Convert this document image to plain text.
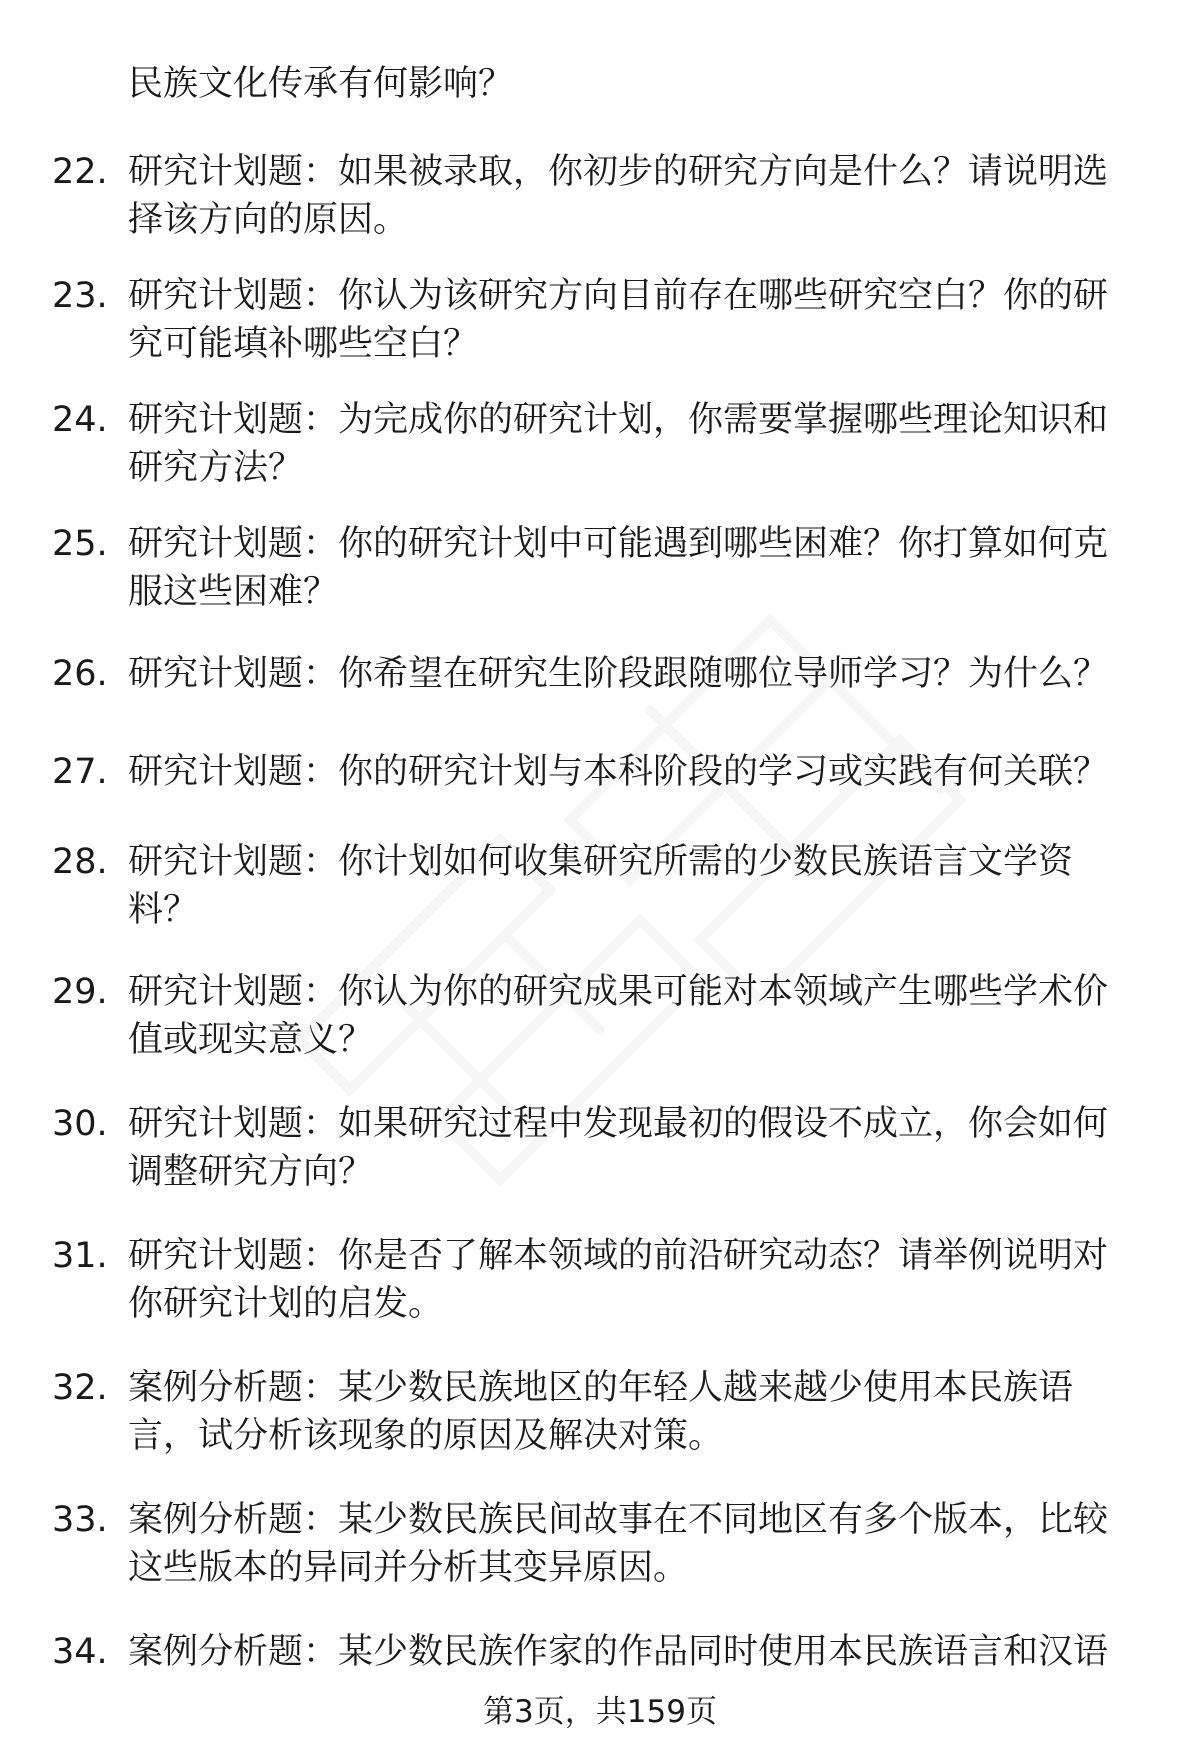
民族文化传承有何影响？
22. 研究计划题：如果被录取，你初步的研究方向是什么？请说明选择该方向的原因。
23. 研究计划题：你认为该研究方向目前存在哪些研究空白？你的研究可能填补哪些空白？
24. 研究计划题：为完成你的研究计划，你需要掌握哪些理论知识和研究方法？
25. 研究计划题：你的研究计划中可能遇到哪些困难？你打算如何克服这些困难？
26. 研究计划题：你希望在研究生阶段跟随哪位导师学习？为什么？
27. 研究计划题：你的研究计划与本科阶段的学习或实践有何关联？
28. 研究计划题：你计划如何收集研究所需的少数民族语言文学资料？
29. 研究计划题：你认为你的研究成果可能对本领域产生哪些学术价值或现实意义？
30. 研究计划题：如果研究过程中发现最初的假设不成立，你会如何调整研究方向？
31. 研究计划题：你是否了解本领域的前沿研究动态？请举例说明对你研究计划的启发。
32. 案例分析题：某少数民族地区的年轻人越来越少使用本民族语言，试分析该现象的原因及解决对策。
33. 案例分析题：某少数民族民间故事在不同地区有多个版本，比较这些版本的异同并分析其变异原因。
34. 案例分析题：某少数民族作家的作品同时使用本民族语言和汉语
第3页，共159页
